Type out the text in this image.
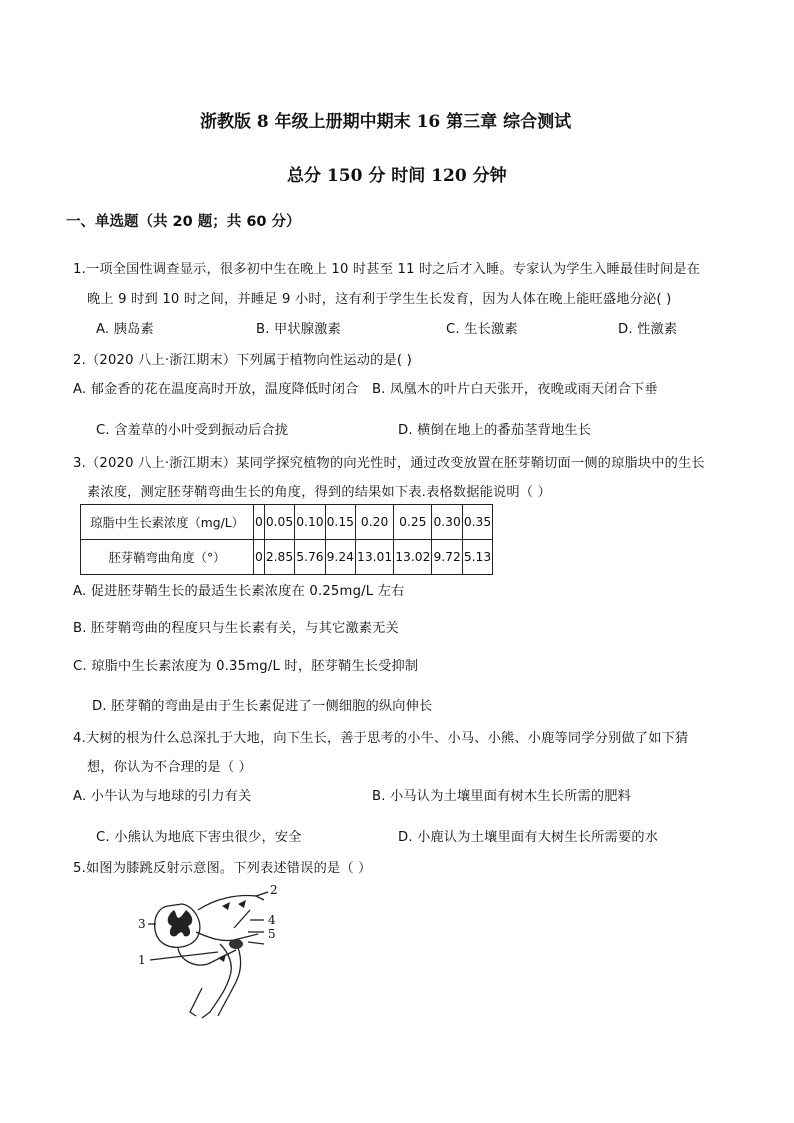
浙教版 8 年级上册期中期末 16 第三章 综合测试
总分 150 分 时间 120 分钟
一、单选题（共 20 题；共 60 分）
1.一项全国性调查显示，很多初中生在晚上 10 时甚至 11 时之后才入睡。专家认为学生入睡最佳时间是在
晚上 9 时到 10 时之间，并睡足 9 小时，这有利于学生生长发育，因为人体在晚上能旺盛地分泌( )
A. 胰岛素	B. 甲状腺激素	C. 生长激素	D. 性激素
2.（2020 八上·浙江期末）下列属于植物向性运动的是( )
A. 郁金香的花在温度高时开放，温度降低时闭合 B. 凤凰木的叶片白天张开，夜晚或雨天闭合下垂
C. 含羞草的小叶受到振动后合拢	D. 横倒在地上的番茄茎背地生长
3.（2020 八上·浙江期末）某同学探究植物的向光性时，通过改变放置在胚芽鞘切面一侧的琼脂块中的生长
素浓度，测定胚芽鞘弯曲生长的角度，得到的结果如下表.表格数据能说明（ ）
琼脂中生长素浓度（mg/L）	0	0.05	0.10	0.15	0.20	0.25	0.30	0.35
胚芽鞘弯曲角度（°）	0	2.85	5.76	9.24	13.01	13.02	9.72	5.13
A. 促进胚芽鞘生长的最适生长素浓度在 0.25mg/L 左右
B. 胚芽鞘弯曲的程度只与生长素有关，与其它激素无关
C. 琼脂中生长素浓度为 0.35mg/L 时，胚芽鞘生长受抑制
D. 胚芽鞘的弯曲是由于生长素促进了一侧细胞的纵向伸长
4.大树的根为什么总深扎于大地，向下生长，善于思考的小牛、小马、小熊、小鹿等同学分别做了如下猜
想，你认为不合理的是（ ）
A. 小牛认为与地球的引力有关	B. 小马认为土壤里面有树木生长所需的肥料
C. 小熊认为地底下害虫很少，安全	D. 小鹿认为土壤里面有大树生长所需要的水
5.如图为膝跳反射示意图。下列表述错误的是（ ）
1
2
3	4
5
